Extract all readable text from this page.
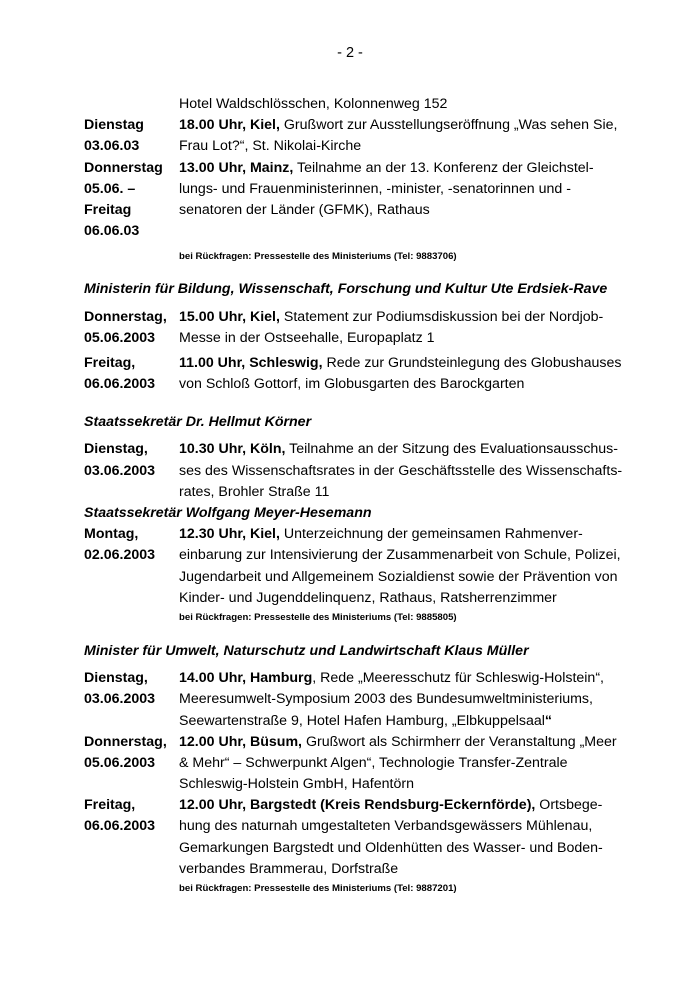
- 2 -
Hotel Waldschlösschen, Kolonnenweg 152
Dienstag	18.00 Uhr, Kiel, Grußwort zur Ausstellungseröffnung „Was sehen Sie,
03.06.03	Frau Lot?“, St. Nikolai-Kirche
Donnerstag	13.00 Uhr, Mainz, Teilnahme an der 13. Konferenz der Gleichstel-
05.06. –	lungs- und Frauenministerinnen, -minister, -senatorinnen und -
Freitag	senatoren der Länder (GFMK), Rathaus
06.06.03
bei Rückfragen: Pressestelle des Ministeriums (Tel: 9883706)
Ministerin für Bildung, Wissenschaft, Forschung und Kultur Ute Erdsiek-Rave
Donnerstag, 15.00 Uhr, Kiel, Statement zur Podiumsdiskussion bei der Nordjob-
05.06.2003	Messe in der Ostseehalle, Europaplatz 1
Freitag,	11.00 Uhr, Schleswig, Rede zur Grundsteinlegung des Globushauses
06.06.2003	von Schloß Gottorf, im Globusgarten des Barockgarten
Staatssekretär Dr. Hellmut Körner
Dienstag,	10.30 Uhr, Köln, Teilnahme an der Sitzung des Evaluationsausschus-
03.06.2003	ses des Wissenschaftsrates in der Geschäftsstelle des Wissenschafts-
rates, Brohler Straße 11
Staatssekretär Wolfgang Meyer-Hesemann
Montag,	12.30 Uhr, Kiel, Unterzeichnung der gemeinsamen Rahmenver-
02.06.2003	einbarung zur Intensivierung der Zusammenarbeit von Schule, Polizei,
Jugendarbeit und Allgemeinem Sozialdienst sowie der Prävention von
Kinder- und Jugenddelinquenz, Rathaus, Ratsherrenzimmer
bei Rückfragen: Pressestelle des Ministeriums (Tel: 9885805)
Minister für Umwelt, Naturschutz und Landwirtschaft Klaus Müller
Dienstag,	14.00 Uhr, Hamburg, Rede „Meeresschutz für Schleswig-Holstein“,
03.06.2003	Meeresumwelt-Symposium 2003 des Bundesumweltministeriums,
Seewartenstraße 9, Hotel Hafen Hamburg, „Elbkuppelsaal“
Donnerstag, 12.00 Uhr, Büsum, Grußwort als Schirmherr der Veranstaltung „Meer
05.06.2003	& Mehr“ – Schwerpunkt Algen“, Technologie Transfer-Zentrale
Schleswig-Holstein GmbH, Hafentörn
Freitag,	12.00 Uhr, Bargstedt (Kreis Rendsburg-Eckernförde), Ortsbege-
06.06.2003	hung des naturnah umgestalteten Verbandsgewässers Mühlenau,
Gemarkungen Bargstedt und Oldenhütten des Wasser- und Boden-
verbandes Brammerau, Dorfstraße
bei Rückfragen: Pressestelle des Ministeriums (Tel: 9887201)
